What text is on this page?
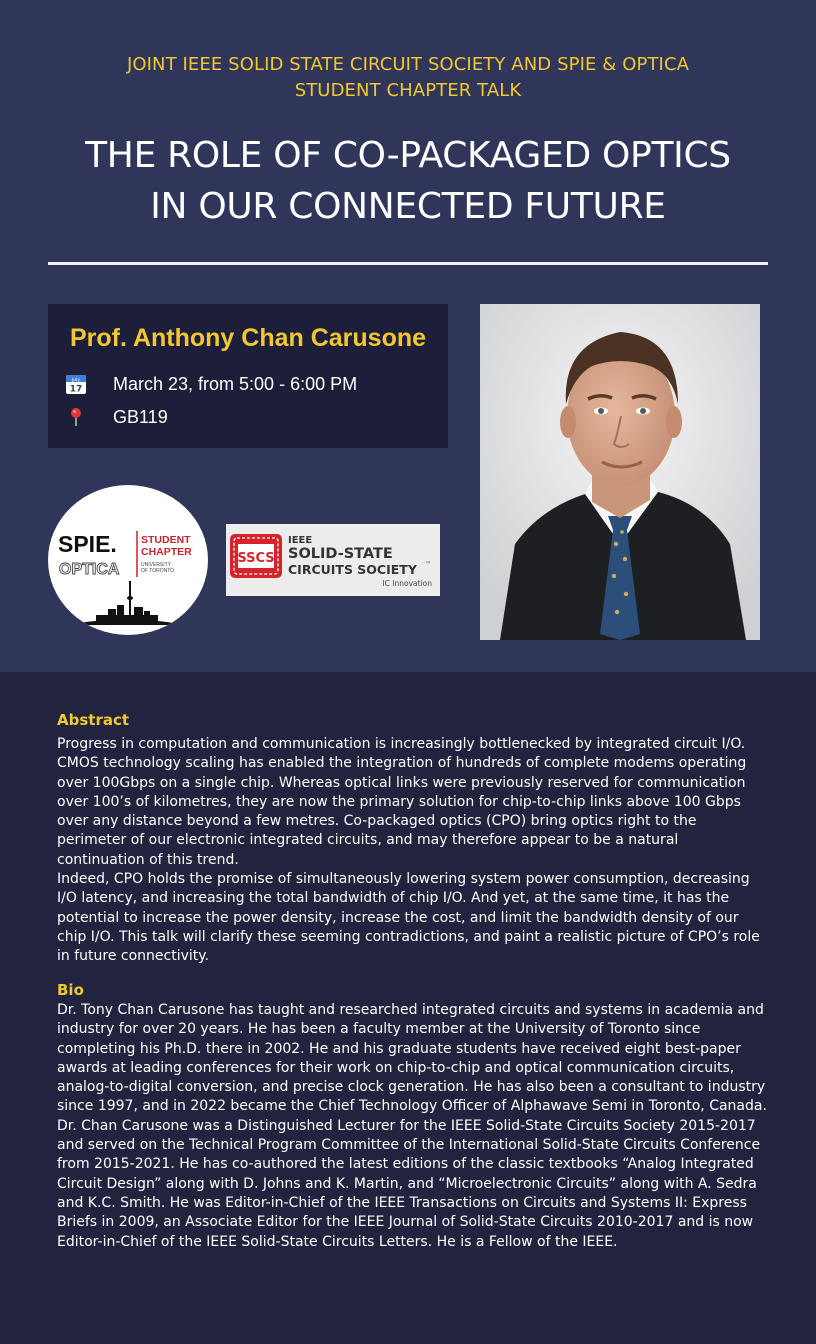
JOINT IEEE SOLID STATE CIRCUIT SOCIETY AND SPIE & OPTICA
STUDENT CHAPTER TALK
THE ROLE OF CO-PACKAGED OPTICS
IN OUR CONNECTED FUTURE
Prof. Anthony Chan Carusone
July
17 March 23, from 5:00 - 6:00 PM
GB119
SPIE.
OPTICA
STUDENT
CHAPTER
UNIVERSITY
OF TORONTO
SSCS
IEEE
SOLID-STATE
CIRCUITS SOCIETY ™
IC Innovation
Abstract

Progress in computation and communication is increasingly bottlenecked by integrated circuit I/O. CMOS technology scaling has enabled the integration of hundreds of complete modems operating over 100Gbps on a single chip. Whereas optical links were previously reserved for communication over 100’s of kilometres, they are now the primary solution for chip-to-chip links above 100 Gbps over any distance beyond a few metres. Co-packaged optics (CPO) bring optics right to the perimeter of our electronic integrated circuits, and may therefore appear to be a natural continuation of this trend.

Indeed, CPO holds the promise of simultaneously lowering system power consumption, decreasing I/O latency, and increasing the total bandwidth of chip I/O. And yet, at the same time, it has the potential to increase the power density, increase the cost, and limit the bandwidth density of our chip I/O. This talk will clarify these seeming contradictions, and paint a realistic picture of CPO’s role in future connectivity.

Bio

Dr. Tony Chan Carusone has taught and researched integrated circuits and systems in academia and industry for over 20 years. He has been a faculty member at the University of Toronto since completing his Ph.D. there in 2002. He and his graduate students have received eight best-paper awards at leading conferences for their work on chip-to-chip and optical communication circuits, analog-to-digital conversion, and precise clock generation. He has also been a consultant to industry since 1997, and in 2022 became the Chief Technology Officer of Alphawave Semi in Toronto, Canada.

Dr. Chan Carusone was a Distinguished Lecturer for the IEEE Solid-State Circuits Society 2015-2017 and served on the Technical Program Committee of the International Solid-State Circuits Conference from 2015-2021. He has co-authored the latest editions of the classic textbooks “Analog Integrated Circuit Design” along with D. Johns and K. Martin, and “Microelectronic Circuits” along with A. Sedra and K.C. Smith. He was Editor-in-Chief of the IEEE Transactions on Circuits and Systems II: Express Briefs in 2009, an Associate Editor for the IEEE Journal of Solid-State Circuits 2010-2017 and is now Editor-in-Chief of the IEEE Solid-State Circuits Letters. He is a Fellow of the IEEE.
